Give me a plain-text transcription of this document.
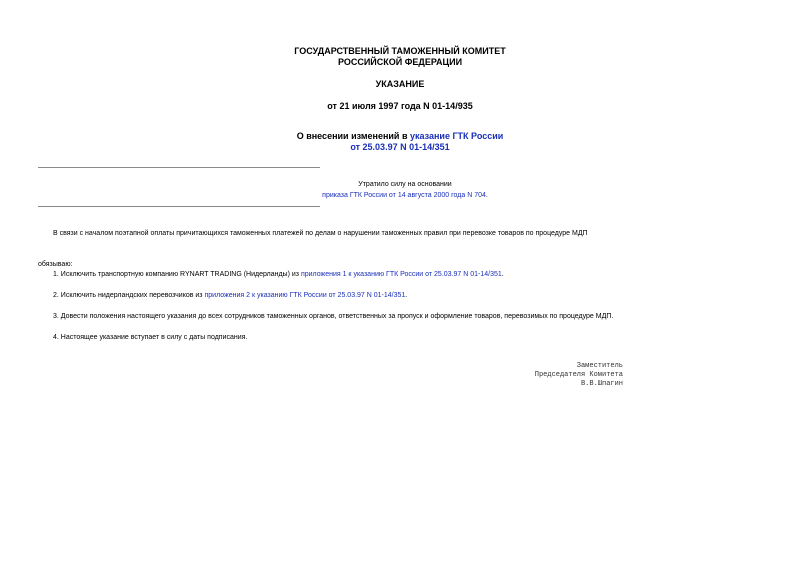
ГОСУДАРСТВЕННЫЙ ТАМОЖЕННЫЙ КОМИТЕТ
РОССИЙСКОЙ ФЕДЕРАЦИИ
УКАЗАНИЕ
от 21 июля 1997 года N 01-14/935
О внесении изменений в указание ГТК России
от 25.03.97 N 01-14/351
Утратило силу на основании
приказа ГТК России от 14 августа 2000 года N 704.
В связи с началом поэтапной оплаты причитающихся таможенных платежей по делам о нарушении таможенных правил при перевозке товаров по процедуре МДП
обязываю:
1. Исключить транспортную компанию RYNART TRADING (Нидерланды) из приложения 1 к указанию ГТК России от 25.03.97 N 01-14/351.
2. Исключить нидерландских перевозчиков из приложения 2 к указанию ГТК России от 25.03.97 N 01-14/351.
3. Довести положения настоящего указания до всех сотрудников таможенных органов, ответственных за пропуск и оформление товаров, перевозимых по процедуре МДП.
4. Настоящее указание вступает в силу с даты подписания.
Заместитель
Председателя Комитета
В.В.Шпагин
